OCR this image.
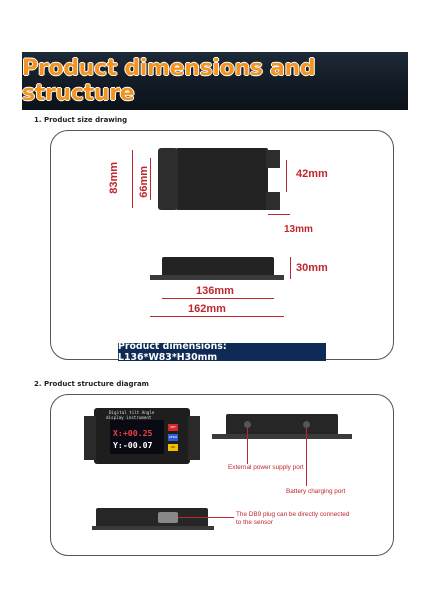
Product dimensions and structure
1. Product size drawing
83mm 66mm	42mm
13mm
30mm
136mm
162mm
Product dimensions: L136*W83*H30mm
2. Product structure diagram
Digital tilt Angle
display instrument
X:+00.25
Y:-00.07
SET
ZERO
OK
External power supply port
Battery charging port
The DB9 plug can be directly connected
to the sensor
